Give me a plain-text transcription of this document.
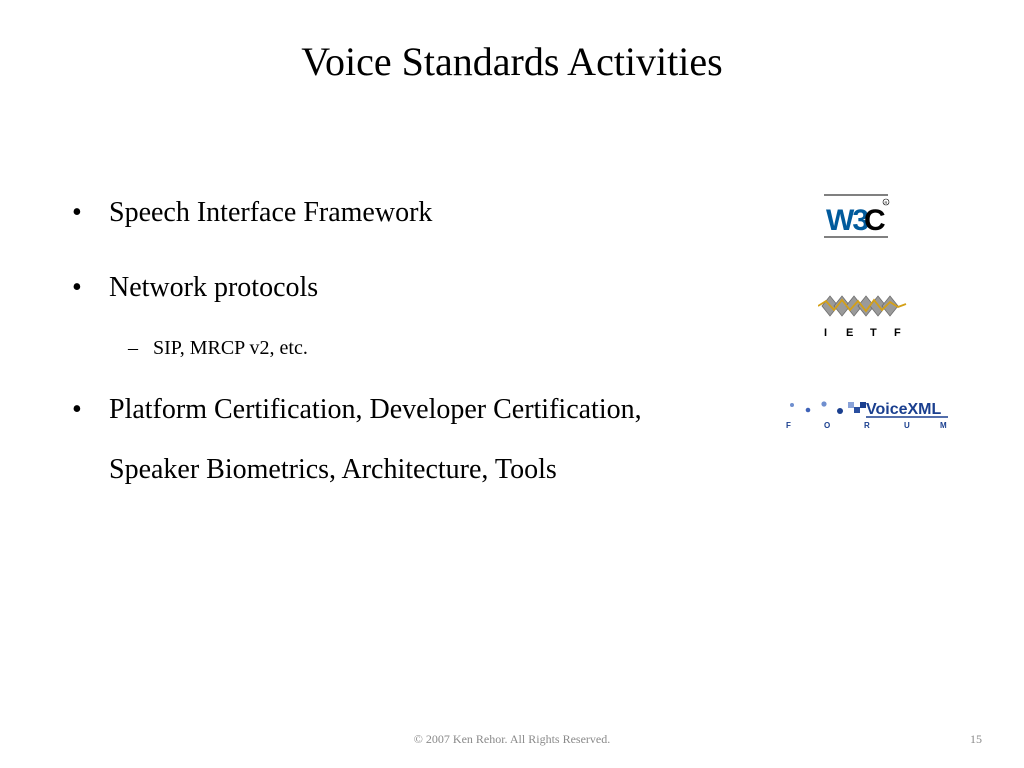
Voice Standards Activities
• Speech Interface Framework
• Network protocols
– SIP, MRCP v2, etc.
• Platform Certification, Developer Certification,
Speaker Biometrics, Architecture, Tools
W3
C
R
I E T F
VoiceXML
F	O	R	U	M
© 2007 Ken Rehor. All Rights Reserved.	15
